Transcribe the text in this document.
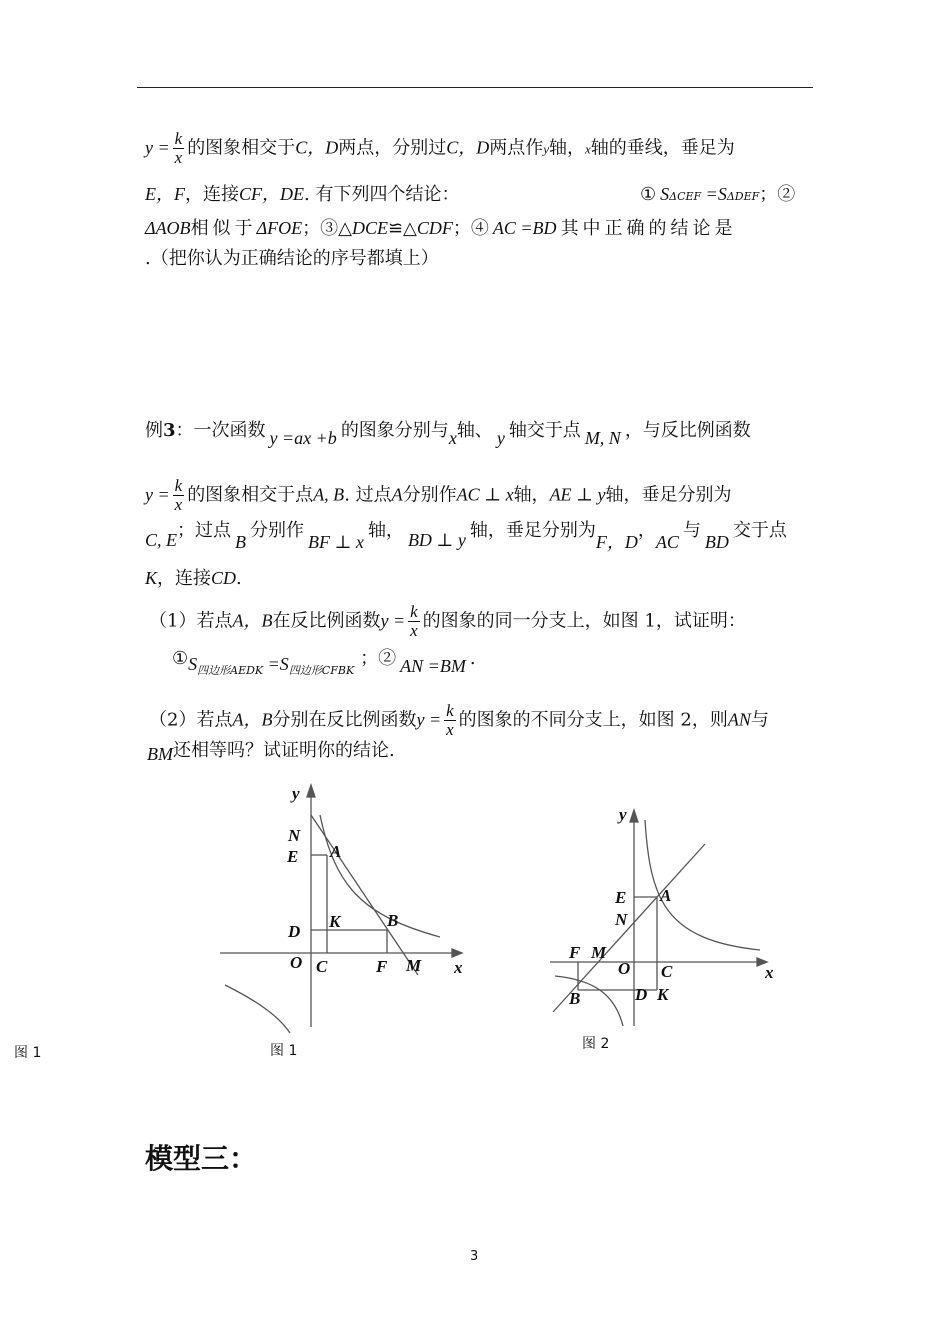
$y = \frac{k}{x}$ 的图象相交于C，D两点，分别过C，D两点作y轴，x轴的垂线，垂足为
E，F，连接CF，DE. 有下列四个结论：	① SΔCEF =SΔDEF；②
ΔAOB相似于ΔFOE；③△DCE≌△CDF；④ AC =BD 其中正确的结论是
.（把你认为正确结论的序号都填上）
例3：一次函数 y =ax +b 的图象分别与x轴、 y 轴交于点 M, N ，与反比例函数
$y = \frac{k}{x}$ 的图象相交于点A, B. 过点A分别作AC ⊥ x轴，AE ⊥ y轴，垂足分别为
C, E；过点B分别作BF ⊥ x轴， BD ⊥ y 轴，垂足分别为F，D，AC与BD交于点
K，连接CD.
（1）若点A，B在反比例函数$y = \frac{k}{x}$ 的图象的同一分支上，如图 1，试证明：
$①S_{四边形AEDK} =S_{四边形CFBK}$；② AN =BM .
（2）若点A，B分别在反比例函数$y = \frac{k}{x}$ 的图象的不同分支上，如图 2，则AN与
BM还相等吗？试证明你的结论.
y
x
N
E A
D
K	B
O C	F M
y
x
E A
N
F M
O C
B	D K
图 1	图 1	图 2
模型三：
3
